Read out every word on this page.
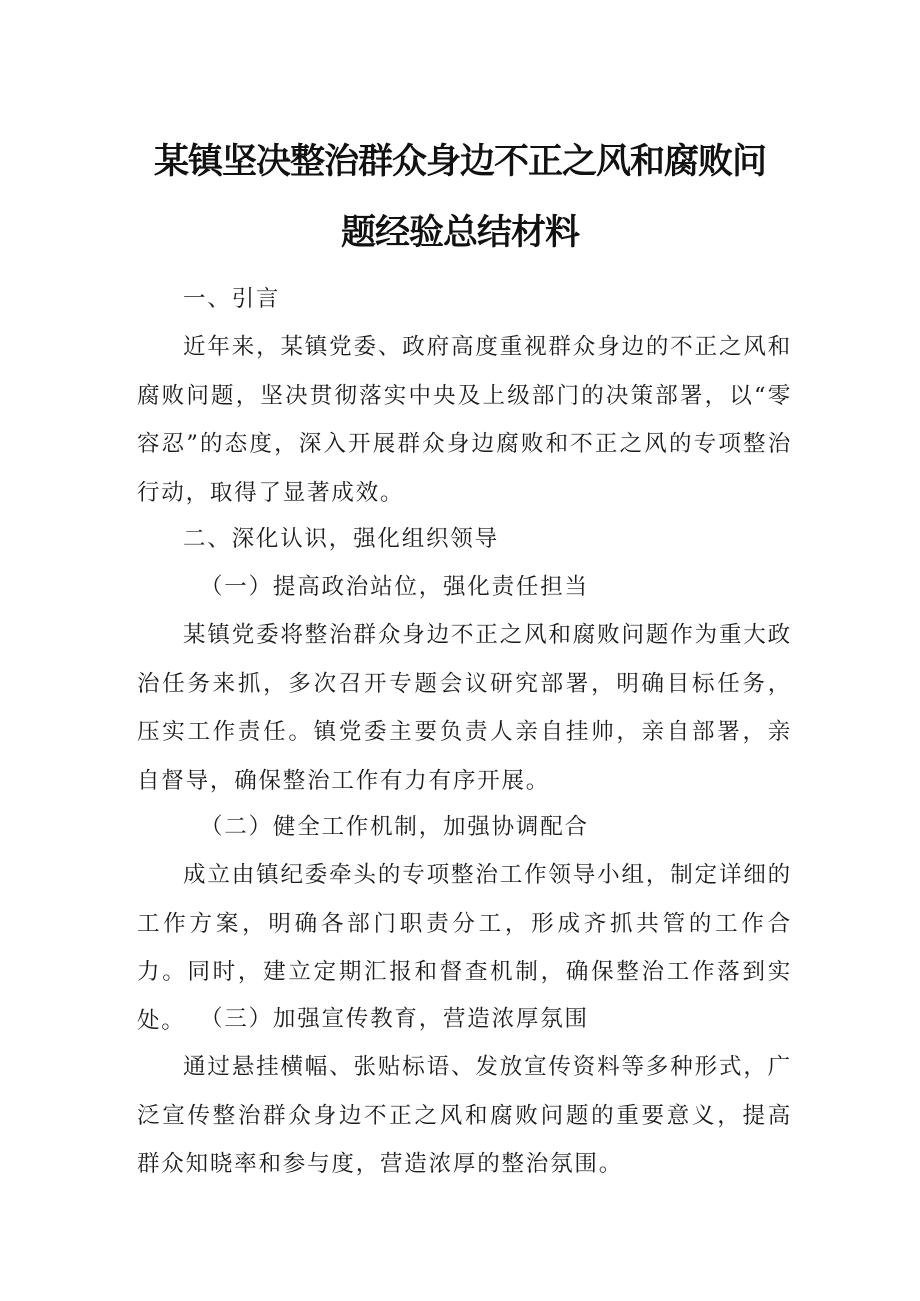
某镇坚决整治群众身边不正之风和腐败问
题经验总结材料

一、引言

近年来，某镇党委、政府高度重视群众身边的不正之风和腐败问题，坚决贯彻落实中央及上级部门的决策部署，以“零容忍”的态度，深入开展群众身边腐败和不正之风的专项整治行动，取得了显著成效。

二、深化认识，强化组织领导

（一）提高政治站位，强化责任担当

某镇党委将整治群众身边不正之风和腐败问题作为重大政治任务来抓，多次召开专题会议研究部署，明确目标任务，压实工作责任。镇党委主要负责人亲自挂帅，亲自部署，亲自督导，确保整治工作有力有序开展。

（二）健全工作机制，加强协调配合

成立由镇纪委牵头的专项整治工作领导小组，制定详细的工作方案，明确各部门职责分工，形成齐抓共管的工作合力。同时，建立定期汇报和督查机制，确保整治工作落到实处。 （三）加强宣传教育，营造浓厚氛围

通过悬挂横幅、张贴标语、发放宣传资料等多种形式，广泛宣传整治群众身边不正之风和腐败问题的重要意义，提高群众知晓率和参与度，营造浓厚的整治氛围。
